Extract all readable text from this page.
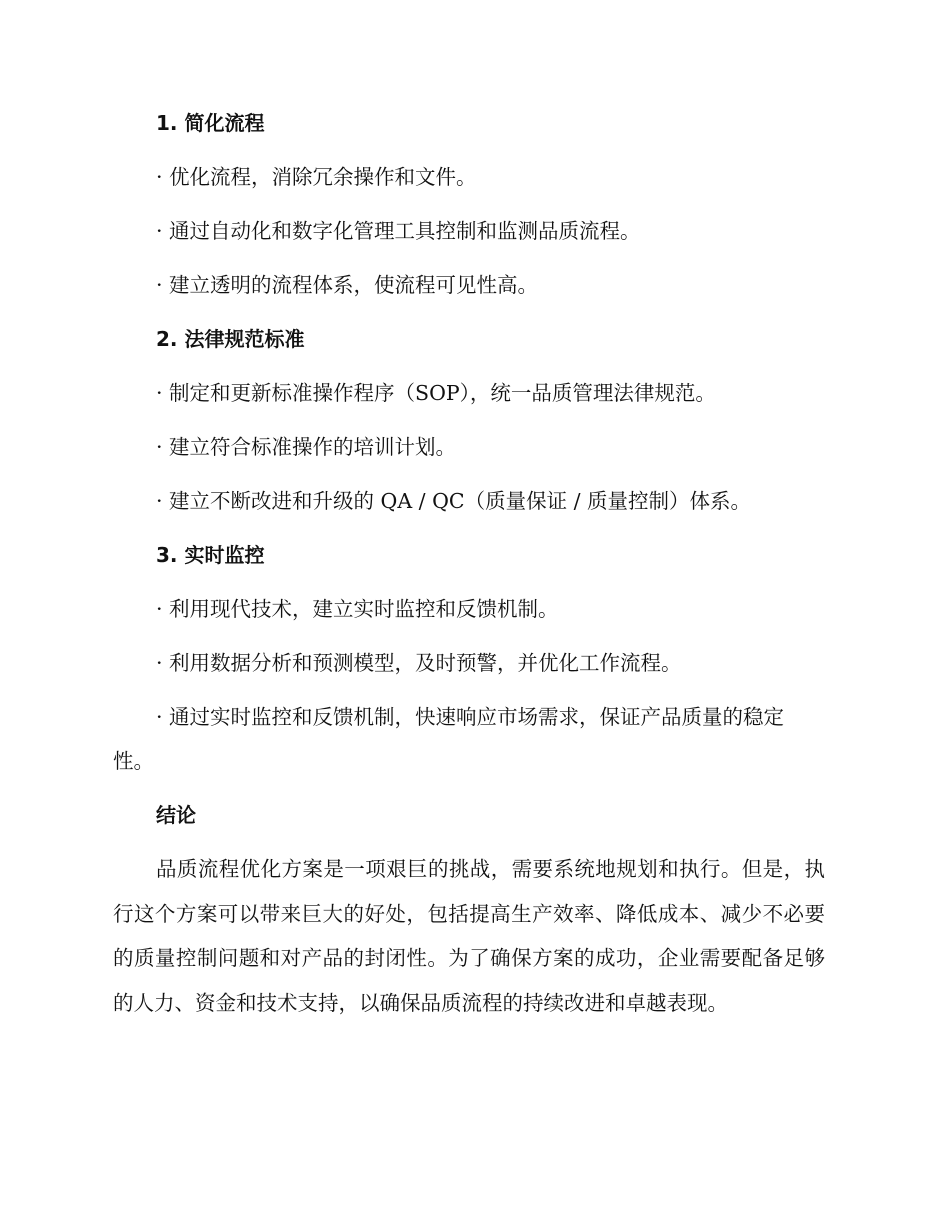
1. 简化流程
· 优化流程，消除冗余操作和文件。
· 通过自动化和数字化管理工具控制和监测品质流程。
· 建立透明的流程体系，使流程可见性高。
2. 法律规范标准
· 制定和更新标准操作程序（SOP），统一品质管理法律规范。
· 建立符合标准操作的培训计划。
· 建立不断改进和升级的 QA / QC（质量保证 / 质量控制）体系。
3. 实时监控
· 利用现代技术，建立实时监控和反馈机制。
· 利用数据分析和预测模型，及时预警，并优化工作流程。
· 通过实时监控和反馈机制，快速响应市场需求，保证产品质量的稳定性。
结论

品质流程优化方案是一项艰巨的挑战，需要系统地规划和执行。但是，执行这个方案可以带来巨大的好处，包括提高生产效率、降低成本、减少不必要的质量控制问题和对产品的封闭性。为了确保方案的成功，企业需要配备足够的人力、资金和技术支持，以确保品质流程的持续改进和卓越表现。
